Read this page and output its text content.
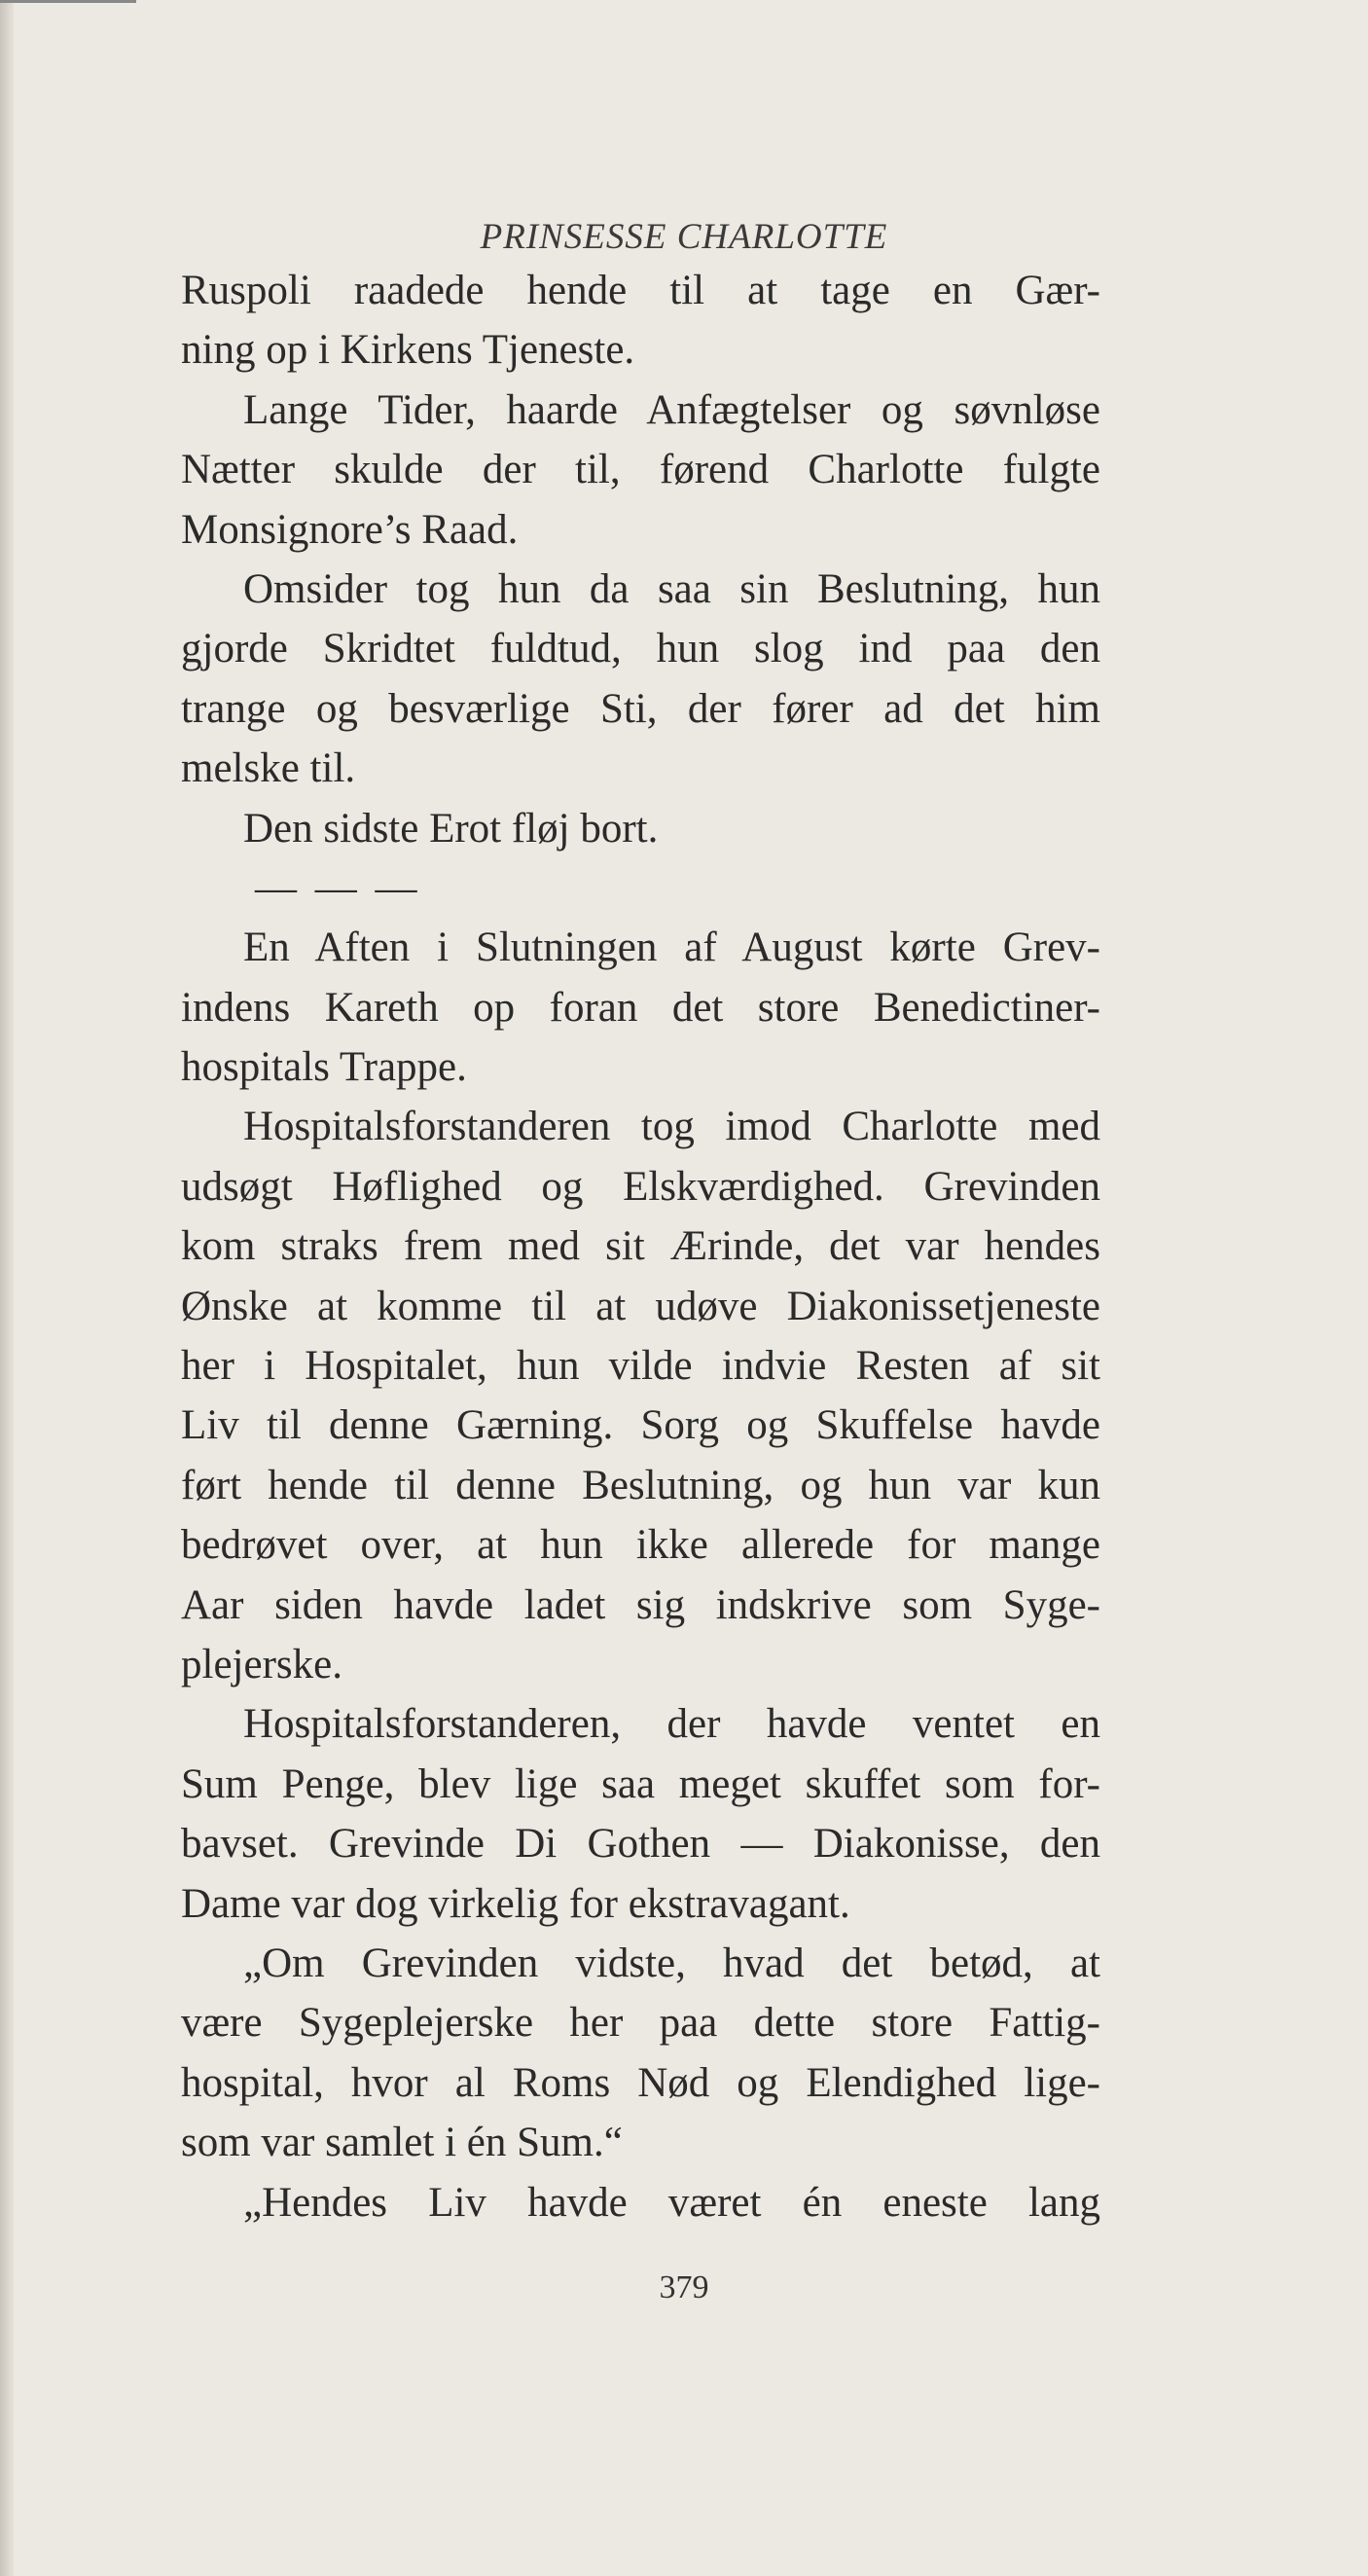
PRINSESSE CHARLOTTE
Ruspoli raadede hende til at tage en Gær-
ning op i Kirkens Tjeneste.
Lange Tider, haarde Anfægtelser og søvnløse
Nætter skulde der til, førend Charlotte fulgte
Monsignore’s Raad.
Omsider tog hun da saa sin Beslutning, hun
gjorde Skridtet fuldtud, hun slog ind paa den
trange og besværlige Sti, der fører ad det him
melske til.
Den sidste Erot fløj bort.
— — —
En Aften i Slutningen af August kørte Grev-
indens Kareth op foran det store Benedictiner-
hospitals Trappe.
Hospitalsforstanderen tog imod Charlotte med
udsøgt Høflighed og Elskværdighed. Grevinden
kom straks frem med sit Ærinde, det var hendes
Ønske at komme til at udøve Diakonissetjeneste
her i Hospitalet, hun vilde indvie Resten af sit
Liv til denne Gærning. Sorg og Skuffelse havde
ført hende til denne Beslutning, og hun var kun
bedrøvet over, at hun ikke allerede for mange
Aar siden havde ladet sig indskrive som Syge-
plejerske.
Hospitalsforstanderen, der havde ventet en
Sum Penge, blev lige saa meget skuffet som for-
bavset. Grevinde Di Gothen — Diakonisse, den
Dame var dog virkelig for ekstravagant.
„Om Grevinden vidste, hvad det betød, at
være Sygeplejerske her paa dette store Fattig-
hospital, hvor al Roms Nød og Elendighed lige-
som var samlet i én Sum.“
„Hendes Liv havde været én eneste lang
379
